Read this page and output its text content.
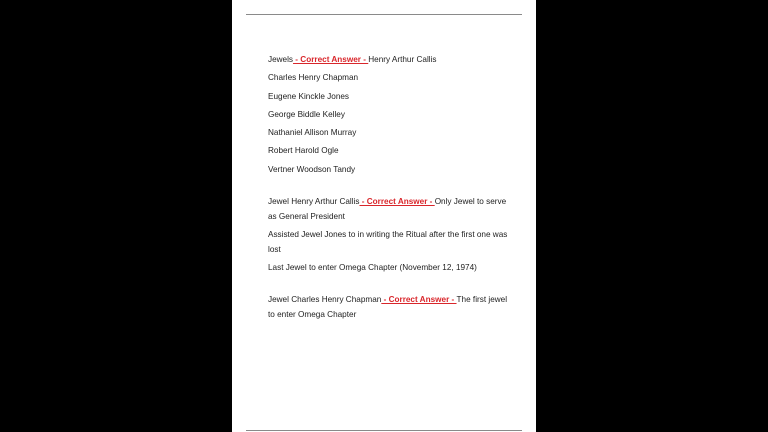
Jewels - Correct Answer - Henry Arthur Callis
Charles Henry Chapman
Eugene Kinckle Jones
George Biddle Kelley
Nathaniel Allison Murray
Robert Harold Ogle
Vertner Woodson Tandy
Jewel Henry Arthur Callis - Correct Answer - Only Jewel to serve as General President
Assisted Jewel Jones to in writing the Ritual after the first one was lost
Last Jewel to enter Omega Chapter (November 12, 1974)
Jewel Charles Henry Chapman - Correct Answer - The first jewel to enter Omega Chapter
